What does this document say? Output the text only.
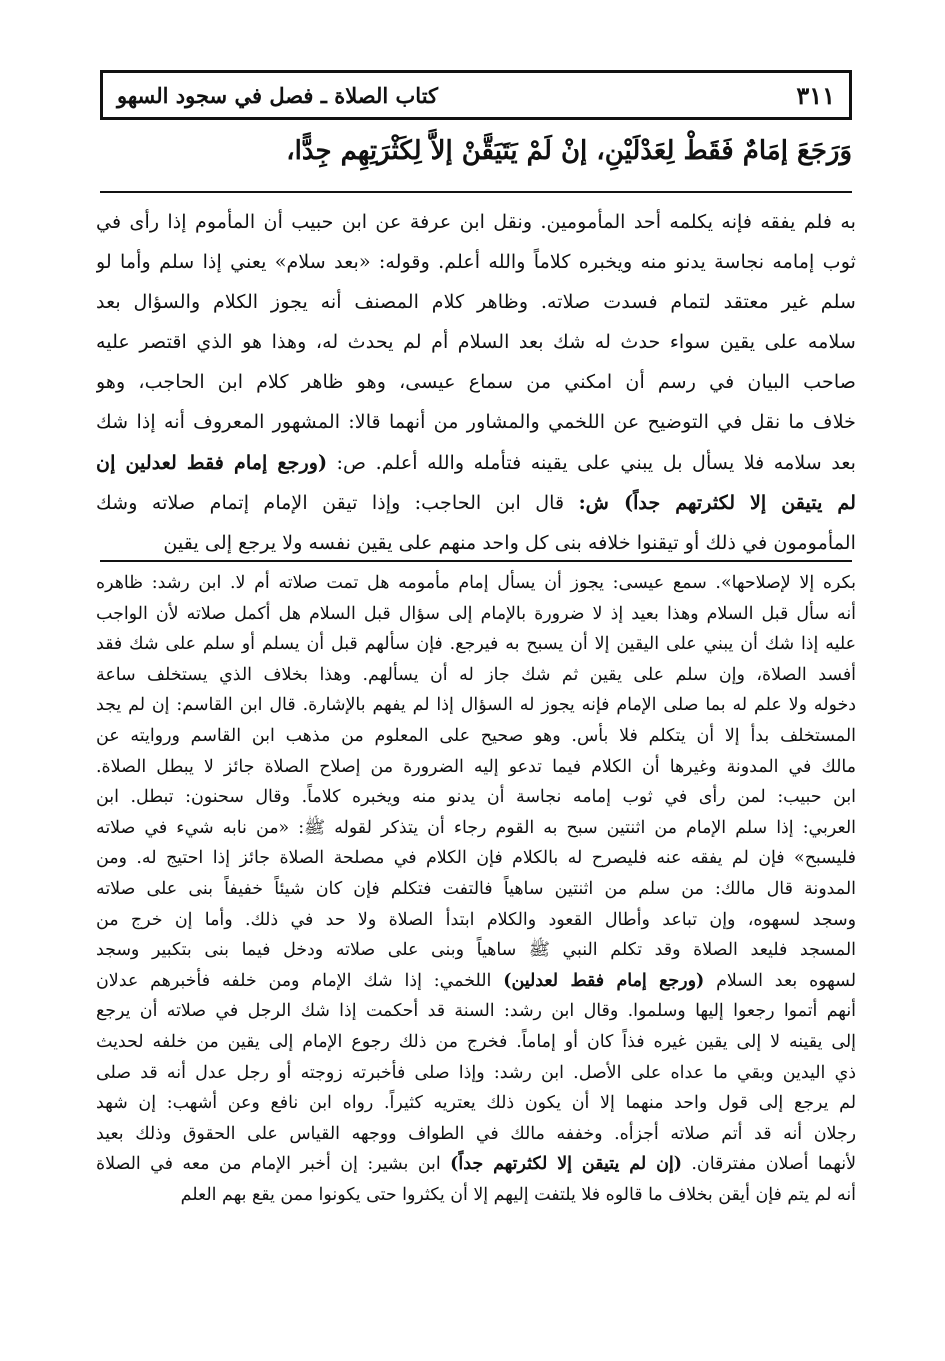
كتاب الصلاة ـ فصل في سجود السهو	٣١١
وَرَجَعَ إمَامٌ فَقَطْ لِعَدْلَيْنِ، إنْ لَمْ يَتَيَقَّنْ إلاَّ لِكَثْرَتِهِم جِدًّا،
به فلم يفقه فإنه يكلمه أحد المأمومين. ونقل ابن عرفة عن ابن حبيب أن المأموم إذا رأى في
ثوب إمامه نجاسة يدنو منه ويخبره كلاماً والله أعلم. وقوله: «بعد سلام» يعني إذا سلم وأما لو
سلم غير معتقد لتمام فسدت صلاته. وظاهر كلام المصنف أنه يجوز الكلام والسؤال بعد
سلامه على يقين سواء حدث له شك بعد السلام أم لم يحدث له، وهذا هو الذي اقتصر عليه
صاحب البيان في رسم أن امكني من سماع عيسى، وهو ظاهر كلام ابن الحاجب، وهو
خلاف ما نقل في التوضيح عن اللخمي والمشاور من أنهما قالا: المشهور المعروف أنه إذا شك
بعد سلامه فلا يسأل بل يبني على يقينه فتأمله والله أعلم. ص: (ورجع إمام فقط لعدلين إن
لم يتيقن إلا لكثرتهم جداً) ش: قال ابن الحاجب: وإذا تيقن الإمام إتمام صلاته وشك
المأمومون في ذلك أو تيقنوا خلافه بنى كل واحد منهم على يقين نفسه ولا يرجع إلى يقين
بكره إلا لإصلاحها». سمع عيسى: يجوز أن يسأل إمام مأمومه هل تمت صلاته أم لا. ابن رشد: ظاهره
أنه سأل قبل السلام وهذا بعيد إذ لا ضرورة بالإمام إلى سؤال قبل السلام هل أكمل صلاته لأن الواجب
عليه إذا شك أن يبني على اليقين إلا أن يسبح به فيرجع. فإن سألهم قبل أن يسلم أو سلم على شك فقد
أفسد الصلاة، وإن سلم على يقين ثم شك جاز له أن يسألهم. وهذا بخلاف الذي يستخلف ساعة
دخوله ولا علم له بما صلى الإمام فإنه يجوز له السؤال إذا لم يفهم بالإشارة. قال ابن القاسم: إن لم يجد
المستخلف بدأ إلا أن يتكلم فلا بأس. وهو صحيح على المعلوم من مذهب ابن القاسم وروايته عن
مالك في المدونة وغيرها أن الكلام فيما تدعو إليه الضرورة من إصلاح الصلاة جائز لا يبطل الصلاة.
ابن حبيب: لمن رأى في ثوب إمامه نجاسة أن يدنو منه ويخبره كلاماً. وقال سحنون: تبطل. ابن
العربي: إذا سلم الإمام من اثنتين سبح به القوم رجاء أن يتذكر لقوله ﷺ: «من نابه شيء في صلاته
فليسبح» فإن لم يفقه عنه فليصرح له بالكلام فإن الكلام في مصلحة الصلاة جائز إذا احتيج له. ومن
المدونة قال مالك: من سلم من اثنتين ساهياً فالتفت فتكلم فإن كان شيئاً خفيفاً بنى على صلاته
وسجد لسهوه، وإن تباعد وأطال القعود والكلام ابتدأ الصلاة ولا حد في ذلك. وأما إن خرج من
المسجد فليعد الصلاة وقد تكلم النبي ﷺ ساهياً وبنى على صلاته ودخل فيما بنى بتكبير وسجد
لسهوه بعد السلام (ورجع إمام فقط لعدلين) اللخمي: إذا شك الإمام ومن خلفه فأخبرهم عدلان
أنهم أتموا رجعوا إليها وسلموا. وقال ابن رشد: السنة قد أحكمت إذا شك الرجل في صلاته أن يرجع
إلى يقينه لا إلى يقين غيره فذاً كان أو إماماً. فخرج من ذلك رجوع الإمام إلى يقين من خلفه لحديث
ذي اليدين وبقي ما عداه على الأصل. ابن رشد: وإذا صلى فأخبرته زوجته أو رجل عدل أنه قد صلى
لم يرجع إلى قول واحد منهما إلا أن يكون ذلك يعتريه كثيراً. رواه ابن نافع وعن أشهب: إن شهد
رجلان أنه قد أتم صلاته أجزأه. وخففه مالك في الطواف ووجهه القياس على الحقوق وذلك بعيد
لأنهما أصلان مفترقان. (إن لم يتيقن إلا لكثرتهم جداً) ابن بشير: إن أخبر الإمام من معه في الصلاة
أنه لم يتم فإن أيقن بخلاف ما قالوه فلا يلتفت إليهم إلا أن يكثروا حتى يكونوا ممن يقع بهم العلم
